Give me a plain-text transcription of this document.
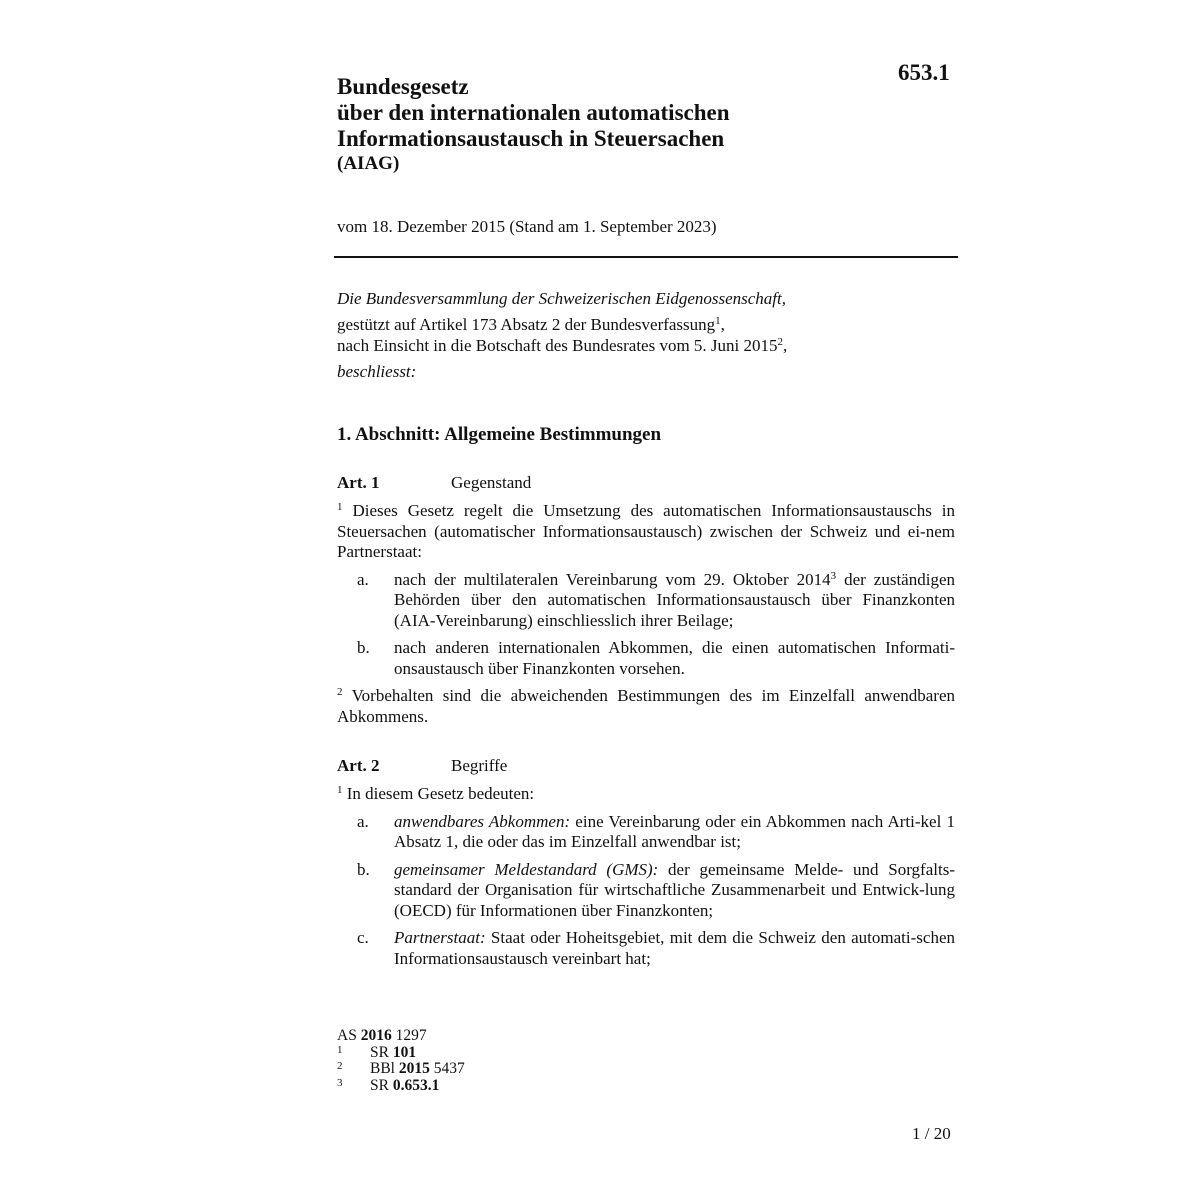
653.1
Bundesgesetz
über den internationalen automatischen
Informationsaustausch in Steuersachen
(AIAG)
vom 18. Dezember 2015 (Stand am 1. September 2023)
Die Bundesversammlung der Schweizerischen Eidgenossenschaft,
gestützt auf Artikel 173 Absatz 2 der Bundesverfassung$^1$,
nach Einsicht in die Botschaft des Bundesrates vom 5. Juni 2015$^2$,
beschliesst:
1. Abschnitt: Allgemeine Bestimmungen
Art. 1	Gegenstand
$^1$ Dieses Gesetz regelt die Umsetzung des automatischen Informationsaustauschs in Steuersachen (automatischer Informationsaustausch) zwischen der Schweiz und ei-nem Partnerstaat:
a. nach der multilateralen Vereinbarung vom 29. Oktober 2014$^3$ der zuständigen Behörden über den automatischen Informationsaustausch über Finanzkonten (AIA-Vereinbarung) einschliesslich ihrer Beilage;
b. nach anderen internationalen Abkommen, die einen automatischen Informati-onsaustausch über Finanzkonten vorsehen.
$^2$ Vorbehalten sind die abweichenden Bestimmungen des im Einzelfall anwendbaren Abkommens.
Art. 2	Begriffe
$^1$ In diesem Gesetz bedeuten:
a. anwendbares Abkommen: eine Vereinbarung oder ein Abkommen nach Arti-kel 1 Absatz 1, die oder das im Einzelfall anwendbar ist;
b. gemeinsamer Meldestandard (GMS): der gemeinsame Melde- und Sorgfalts-standard der Organisation für wirtschaftliche Zusammenarbeit und Entwick-lung (OECD) für Informationen über Finanzkonten;
c. Partnerstaat: Staat oder Hoheitsgebiet, mit dem die Schweiz den automati-schen Informationsaustausch vereinbart hat;
AS 2016 1297
1 SR 101
2 BBl 2015 5437
3 SR 0.653.1
1 / 20
